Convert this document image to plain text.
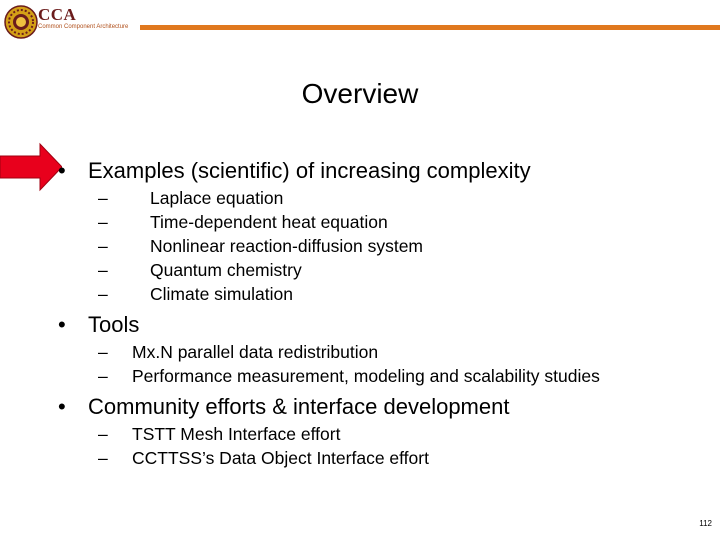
CCA
Common Component Architecture
Overview
• Examples (scientific) of increasing complexity
– Laplace equation
– Time-dependent heat equation
– Nonlinear reaction-diffusion system
– Quantum chemistry
– Climate simulation
• Tools
– Mx.N parallel data redistribution
– Performance measurement, modeling and scalability studies
• Community efforts & interface development
– TSTT Mesh Interface effort
– CCTTSS’s Data Object Interface effort
112
